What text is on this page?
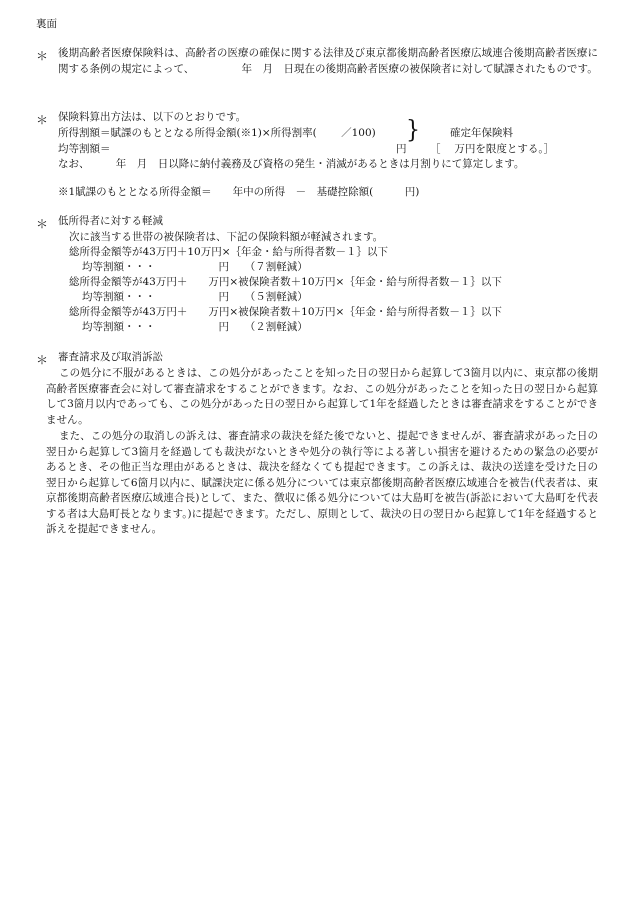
裏面
＊ 後期高齢者医療保険料は、高齢者の医療の確保に関する法律及び東京都後期高齢者医療広域連合後期高齢者医療に関する条例の規定によって、　　　　　年　月　日現在の後期高齢者医療の被保険者に対して賦課されたものです。
＊ 保険料算出方法は、以下のとおりです。
所得割額＝賦課のもととなる所得金額(※1)×所得割率(　　 ／100) }	確定年保険料
均等割額＝	円 ［　 万円を限度とする。］
なお、　　　年　月　日以降に納付義務及び資格の発生・消滅があるときは月割りにて算定します。
※1賦課のもととなる所得金額＝　　年中の所得　－　基礎控除額(　　　円)
＊ 低所得者に対する軽減
次に該当する世帯の被保険者は、下記の保険料額が軽減されます。
総所得金額等が43万円＋10万円×｛年金・給与所得者数－１｝以下
均等割額・・・　　　　　　円　　（７割軽減）
総所得金額等が43万円＋　　万円×被保険者数＋10万円×｛年金・給与所得者数－１｝以下
均等割額・・・　　　　　　円　　（５割軽減）
総所得金額等が43万円＋　　万円×被保険者数＋10万円×｛年金・給与所得者数－１｝以下
均等割額・・・　　　　　　円　　（２割軽減）
＊ 審査請求及び取消訴訟
この処分に不服があるときは、この処分があったことを知った日の翌日から起算して3箇月以内に、東京都の後期高齢者医療審査会に対して審査請求をすることができます。なお、この処分があったことを知った日の翌日から起算して3箇月以内であっても、この処分があった日の翌日から起算して1年を経過したときは審査請求をすることができません。
また、この処分の取消しの訴えは、審査請求の裁決を経た後でないと、提起できませんが、審査請求があった日の翌日から起算して3箇月を経過しても裁決がないときや処分の執行等による著しい損害を避けるための緊急の必要があるとき、その他正当な理由があるときは、裁決を経なくても提起できます。この訴えは、裁決の送達を受けた日の翌日から起算して6箇月以内に、賦課決定に係る処分については東京都後期高齢者医療広域連合を被告(代表者は、東京都後期高齢者医療広域連合長)として、また、徴収に係る処分については大島町を被告(訴訟において大島町を代表する者は大島町長となります。)に提起できます。ただし、原則として、裁決の日の翌日から起算して1年を経過すると訴えを提起できません。
